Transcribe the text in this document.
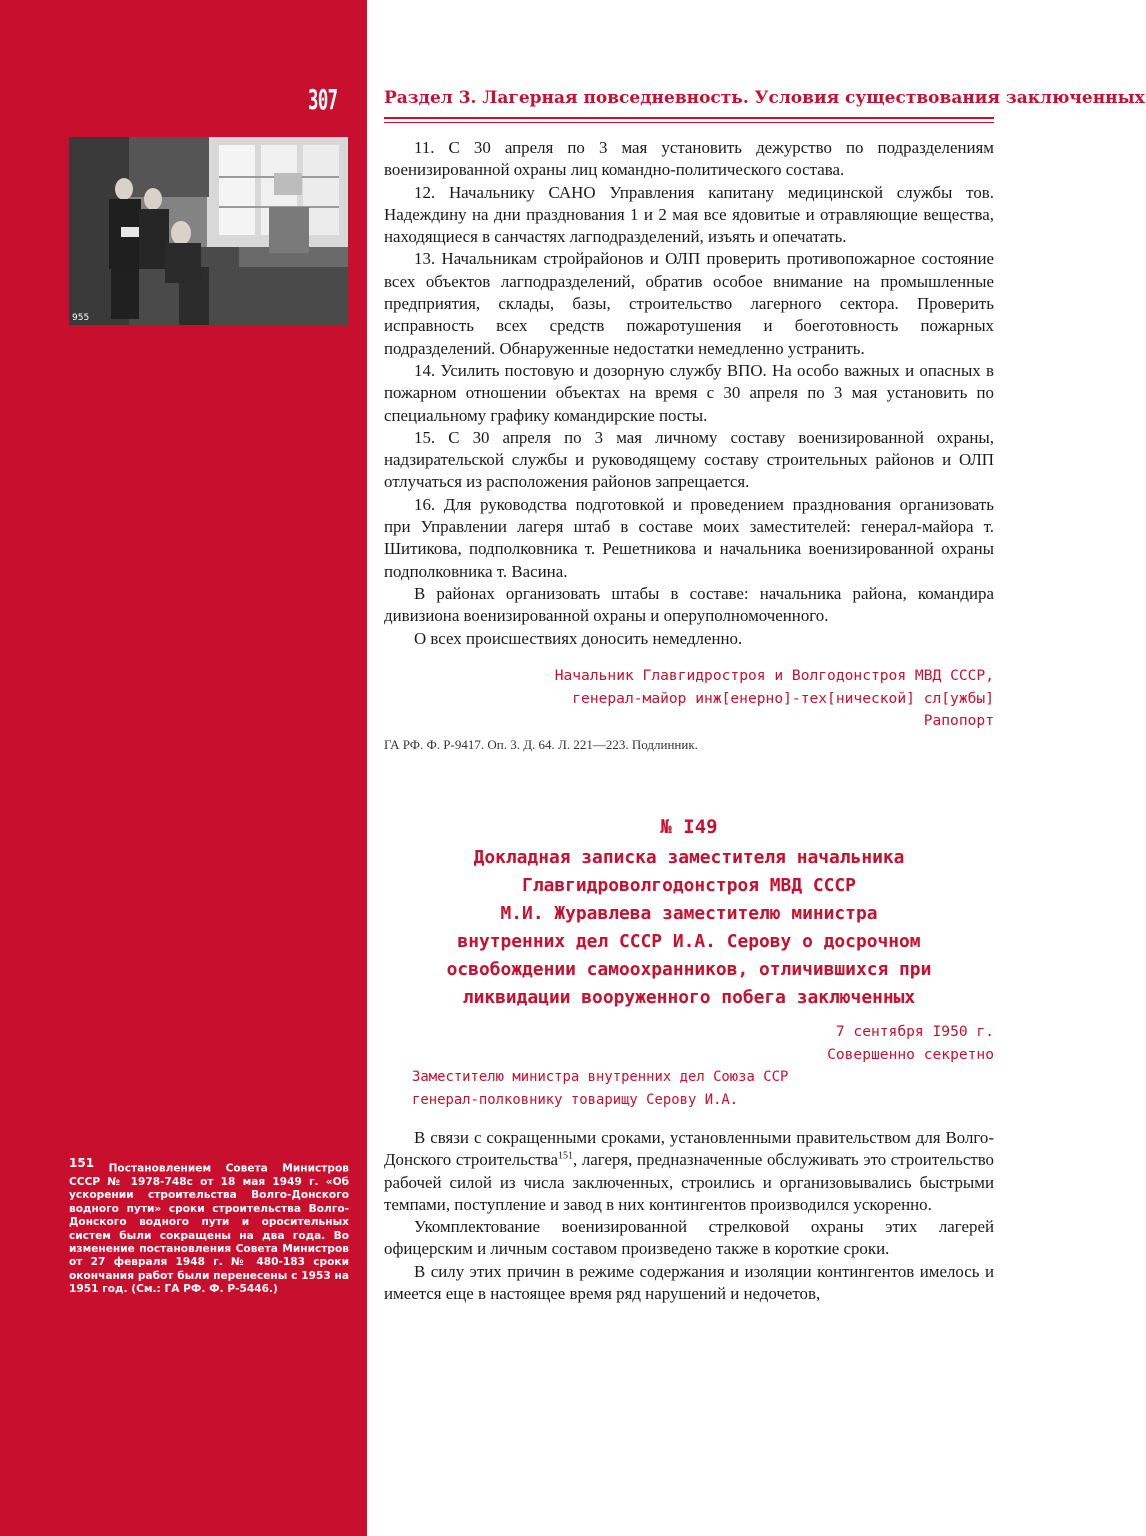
307
955
$^{151}$ Постановлением Совета Министров СССР № 1978-748с от 18 мая 1949 г. «Об ускорении строительства Волго-Донского водного пути» сроки строительства Волго-Донского водного пути и оросительных систем были сокращены на два года. Во изменение постановления Совета Министров от 27 февраля 1948 г. № 480-183 сроки окончания работ были перенесены с 1953 на 1951 год. (См.: ГА РФ. Ф. Р-5446.)
Раздел 3. Лагерная повседневность. Условия существования заключенных

11. С 30 апреля по 3 мая установить дежурство по подразделениям военизированной охраны лиц командно-политического состава.

12. Начальнику САНО Управления капитану медицинской службы тов. Надеждину на дни празднования 1 и 2 мая все ядовитые и отравляющие вещества, находящиеся в санчастях лагподразделений, изъять и опечатать.

13. Начальникам стройрайонов и ОЛП проверить противопожарное состояние всех объектов лагподразделений, обратив особое внимание на промышленные предприятия, склады, базы, строительство лагерного сектора. Проверить исправность всех средств пожаротушения и боеготовность пожарных подразделений. Обнаруженные недостатки немедленно устранить.

14. Усилить постовую и дозорную службу ВПО. На особо важных и опасных в пожарном отношении объектах на время с 30 апреля по 3 мая установить по специальному графику командирские посты.

15. С 30 апреля по 3 мая личному составу военизированной охраны, надзирательской службы и руководящему составу строительных районов и ОЛП отлучаться из расположения районов запрещается.

16. Для руководства подготовкой и проведением празднования организовать при Управлении лагеря штаб в составе моих заместителей: генерал-майора т. Шитикова, подполковника т. Решетникова и начальника военизированной охраны подполковника т. Васина.

В районах организовать штабы в составе: начальника района, командира дивизиона военизированной охраны и оперуполномоченного.

О всех происшествиях доносить немедленно.

Начальник Главгидростроя и Волгодонстроя МВД СССР,
генерал-майор инж[енерно]-тех[нической] сл[ужбы]
Рапопорт
ГА РФ. Ф. Р-9417. Оп. 3. Д. 64. Л. 221—223. Подлинник.
№ I49
Докладная записка заместителя начальника
Главгидроволгодонстроя МВД СССР
М.И. Журавлева заместителю министра
внутренних дел СССР И.А. Серову о досрочном
освобождении самоохранников, отличившихся при
ликвидации вооруженного побега заключенных
7 сентября I950 г.
Совершенно секретно
Заместителю министра внутренних дел Союза ССР
генерал-полковнику товарищу Серову И.А.

В связи с сокращенными сроками, установленными правительством для Волго-Донского строительства$^{151}$, лагеря, предназначенные обслуживать это строительство рабочей силой из числа заключенных, строились и организовывались быстрыми темпами, поступление и завод в них контингентов производился ускоренно.

Укомплектование военизированной стрелковой охраны этих лагерей офицерским и личным составом произведено также в короткие сроки.

В силу этих причин в режиме содержания и изоляции контингентов имелось и имеется еще в настоящее время ряд нарушений и недочетов,
